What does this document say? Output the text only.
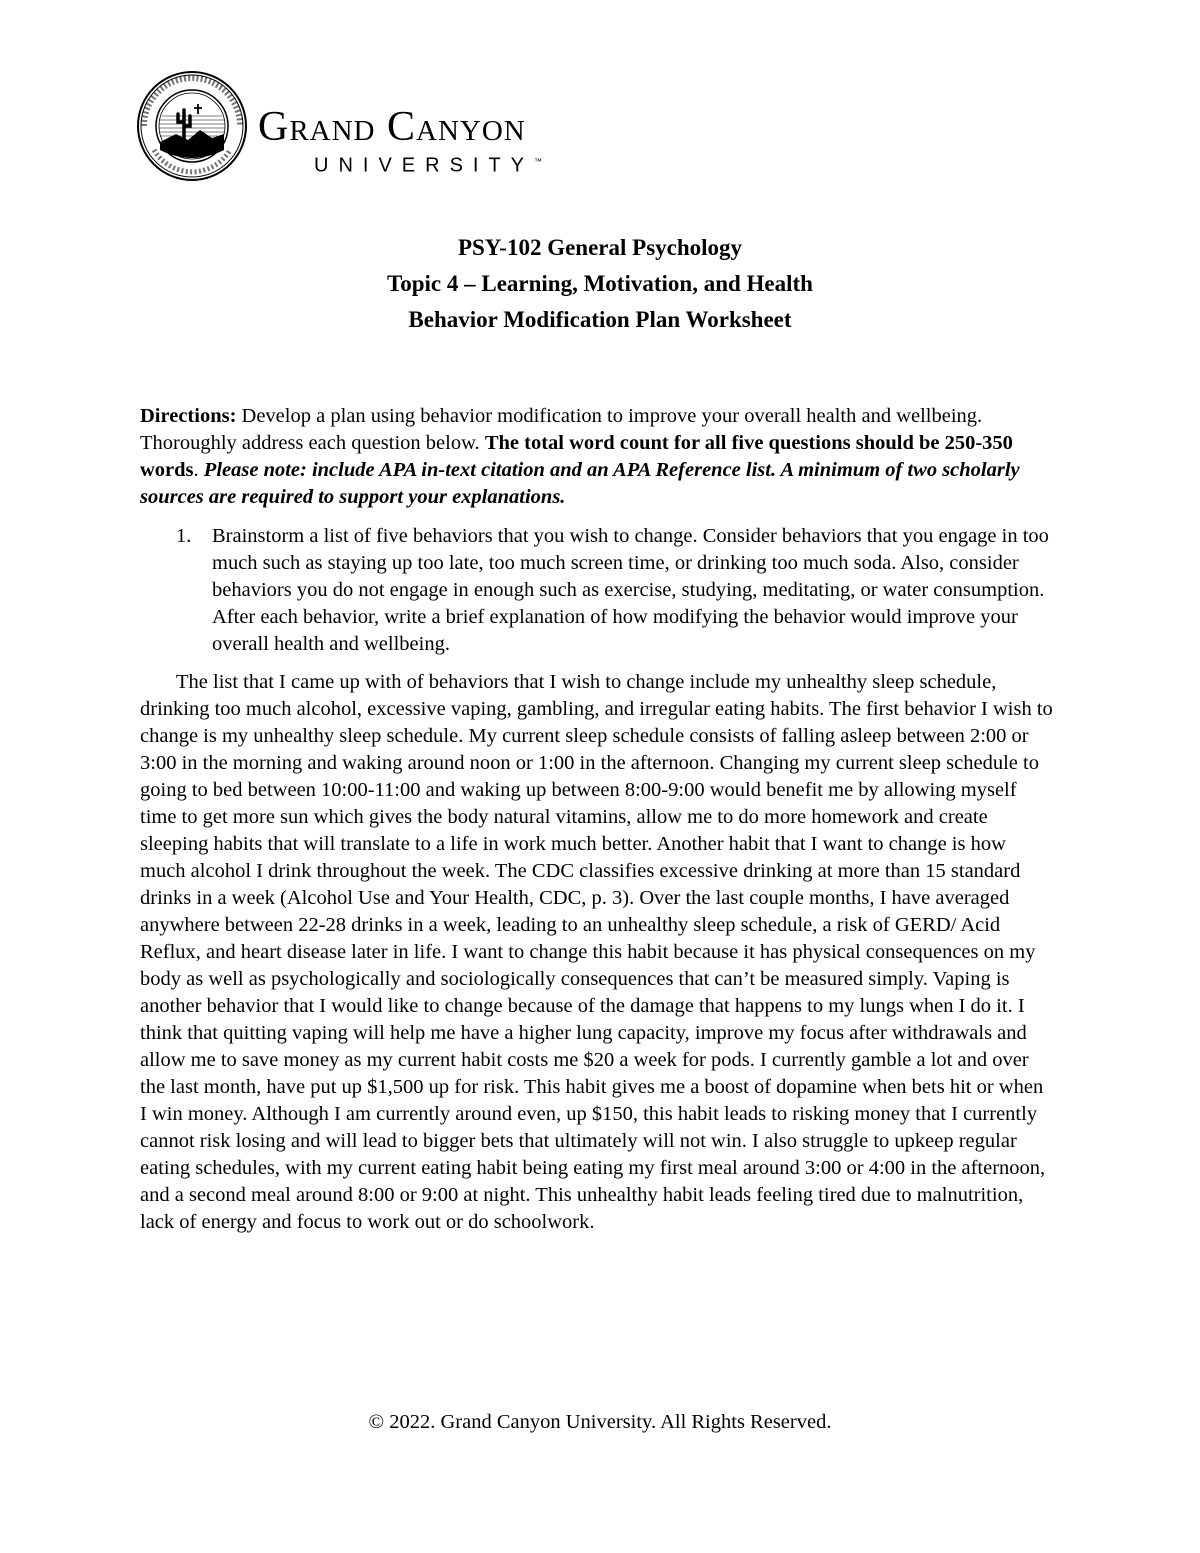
Grand Canyon
UNIVERSITY™
PSY-102 General Psychology
Topic 4 – Learning, Motivation, and Health
Behavior Modification Plan Worksheet

Directions: Develop a plan using behavior modification to improve your overall health and wellbeing. Thoroughly address each question below. The total word count for all five questions should be 250-350 words. Please note: include APA in-text citation and an APA Reference list. A minimum of two scholarly sources are required to support your explanations.

1. Brainstorm a list of five behaviors that you wish to change. Consider behaviors that you engage in too much such as staying up too late, too much screen time, or drinking too much soda. Also, consider behaviors you do not engage in enough such as exercise, studying, meditating, or water consumption. After each behavior, write a brief explanation of how modifying the behavior would improve your overall health and wellbeing.

The list that I came up with of behaviors that I wish to change include my unhealthy sleep schedule, drinking too much alcohol, excessive vaping, gambling, and irregular eating habits. The first behavior I wish to change is my unhealthy sleep schedule. My current sleep schedule consists of falling asleep between 2:00 or 3:00 in the morning and waking around noon or 1:00 in the afternoon. Changing my current sleep schedule to going to bed between 10:00-11:00 and waking up between 8:00-9:00 would benefit me by allowing myself time to get more sun which gives the body natural vitamins, allow me to do more homework and create sleeping habits that will translate to a life in work much better. Another habit that I want to change is how much alcohol I drink throughout the week. The CDC classifies excessive drinking at more than 15 standard drinks in a week (Alcohol Use and Your Health, CDC, p. 3). Over the last couple months, I have averaged anywhere between 22-28 drinks in a week, leading to an unhealthy sleep schedule, a risk of GERD/ Acid Reflux, and heart disease later in life. I want to change this habit because it has physical consequences on my body as well as psychologically and sociologically consequences that can’t be measured simply. Vaping is another behavior that I would like to change because of the damage that happens to my lungs when I do it. I think that quitting vaping will help me have a higher lung capacity, improve my focus after withdrawals and allow me to save money as my current habit costs me $20 a week for pods. I currently gamble a lot and over the last month, have put up $1,500 up for risk. This habit gives me a boost of dopamine when bets hit or when I win money. Although I am currently around even, up $150, this habit leads to risking money that I currently cannot risk losing and will lead to bigger bets that ultimately will not win. I also struggle to upkeep regular eating schedules, with my current eating habit being eating my first meal around 3:00 or 4:00 in the afternoon, and a second meal around 8:00 or 9:00 at night. This unhealthy habit leads feeling tired due to malnutrition, lack of energy and focus to work out or do schoolwork.

© 2022. Grand Canyon University. All Rights Reserved.
